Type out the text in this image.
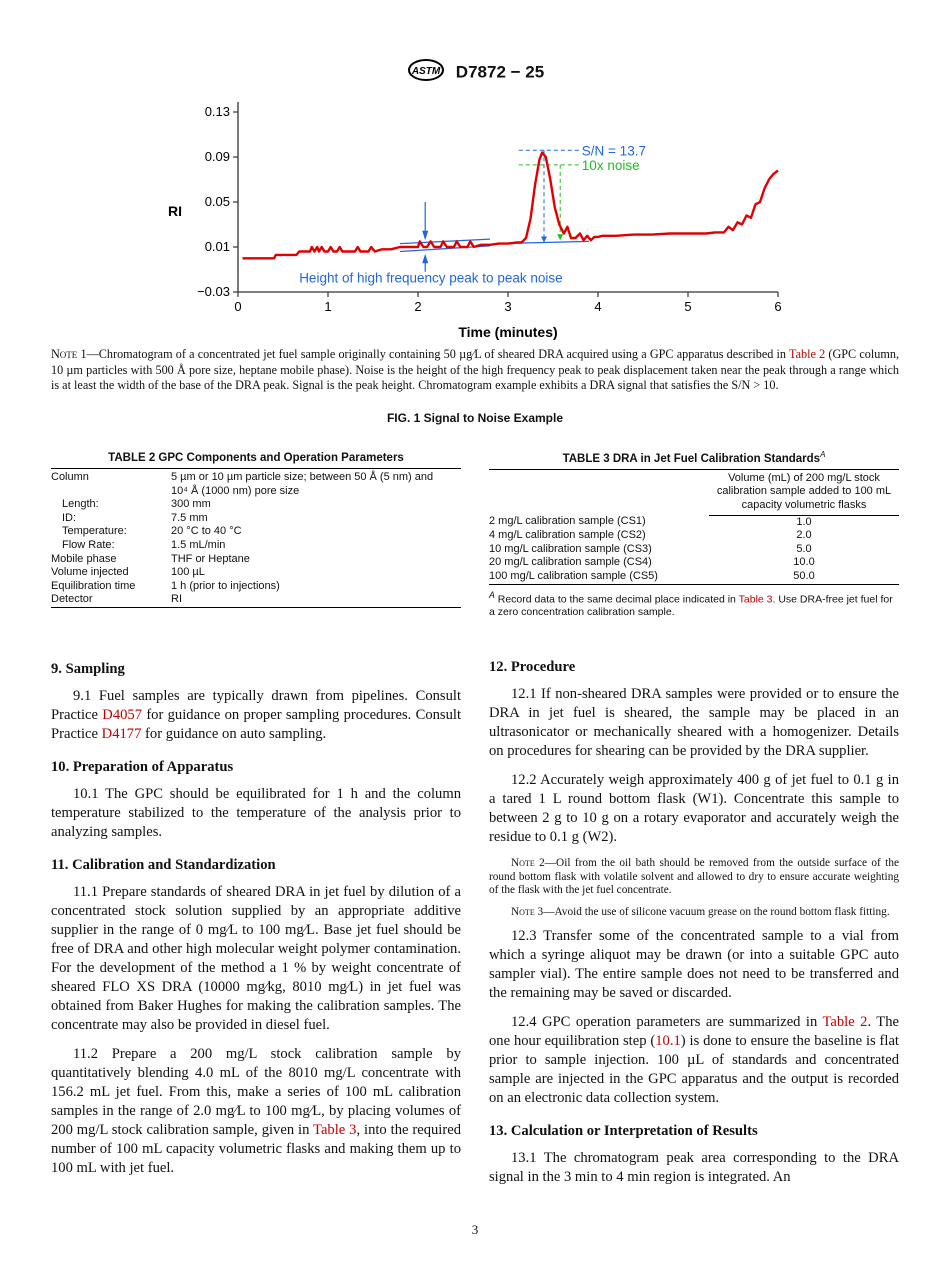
ASTM D7872 − 25
0	1	2	3	4	5	6
−0.03
0.01
0.05
0.09
0.13
Time (minutes)
RI
S/N = 13.7
10x noise
Height of high frequency peak to peak noise
Note 1—Chromatogram of a concentrated jet fuel sample originally containing 50 µg⁄L of sheared DRA acquired using a GPC apparatus described in Table 2 (GPC column, 10 µm particles with 500 Å pore size, heptane mobile phase). Noise is the height of the high frequency peak to peak displacement taken near the peak through a range which is at least the width of the base of the DRA peak. Signal is the peak height. Chromatogram example exhibits a DRA signal that satisfies the S/N > 10.
FIG. 1 Signal to Noise Example
TABLE 2 GPC Components and Operation Parameters
Column	5 µm or 10 µm particle size; between 50 Å (5 nm) and 10⁴ Å (1000 nm) pore size
Length:	300 mm
ID:	7.5 mm
Temperature:	20 °C to 40 °C
Flow Rate:	1.5 mL/min
Mobile phase	THF or Heptane
Volume injected	100 µL
Equilibration time	1 h (prior to injections)
Detector	RI
TABLE 3 DRA in Jet Fuel Calibration Standards$^A$
	Volume (mL) of 200 mg/L stock calibration sample added to 100 mL capacity volumetric flasks
2 mg/L calibration sample (CS1)	1.0
4 mg/L calibration sample (CS2)	2.0
10 mg/L calibration sample (CS3)	5.0
20 mg/L calibration sample (CS4)	10.0
100 mg/L calibration sample (CS5)	50.0
$^A$ Record data to the same decimal place indicated in Table 3. Use DRA-free jet fuel for a zero concentration calibration sample.
9. Sampling

9.1 Fuel samples are typically drawn from pipelines. Consult Practice D4057 for guidance on proper sampling procedures. Consult Practice D4177 for guidance on auto sampling.

10. Preparation of Apparatus

10.1 The GPC should be equilibrated for 1 h and the column temperature stabilized to the temperature of the analysis prior to analyzing samples.

11. Calibration and Standardization

11.1 Prepare standards of sheared DRA in jet fuel by dilution of a concentrated stock solution supplied by an appropriate additive supplier in the range of 0 mg⁄L to 100 mg⁄L. Base jet fuel should be free of DRA and other high molecular weight polymer contamination. For the development of the method a 1 % by weight concentrate of sheared FLO XS DRA (10000 mg⁄kg, 8010 mg⁄L) in jet fuel was obtained from Baker Hughes for making the calibration samples. The concentrate may also be provided in diesel fuel.

11.2 Prepare a 200 mg/L stock calibration sample by quantitatively blending 4.0 mL of the 8010 mg/L concentrate with 156.2 mL jet fuel. From this, make a series of 100 mL calibration samples in the range of 2.0 mg⁄L to 100 mg⁄L, by placing volumes of 200 mg/L stock calibration sample, given in Table 3, into the required number of 100 mL capacity volumetric flasks and making them up to 100 mL with jet fuel.

12. Procedure

12.1 If non-sheared DRA samples were provided or to ensure the DRA in jet fuel is sheared, the sample may be placed in an ultrasonicator or mechanically sheared with a homogenizer. Details on procedures for shearing can be provided by the DRA supplier.

12.2 Accurately weigh approximately 400 g of jet fuel to 0.1 g in a tared 1 L round bottom flask (W1). Concentrate this sample to between 2 g to 10 g on a rotary evaporator and accurately weigh the residue to 0.1 g (W2).

Note 2—Oil from the oil bath should be removed from the outside surface of the round bottom flask with volatile solvent and allowed to dry to ensure accurate weighting of the flask with the jet fuel concentrate.

Note 3—Avoid the use of silicone vacuum grease on the round bottom flask fitting.

12.3 Transfer some of the concentrated sample to a vial from which a syringe aliquot may be drawn (or into a suitable GPC auto sampler vial). The entire sample does not need to be transferred and the remaining may be saved or discarded.

12.4 GPC operation parameters are summarized in Table 2. The one hour equilibration step (10.1) is done to ensure the baseline is flat prior to sample injection. 100 µL of standards and concentrated sample are injected in the GPC apparatus and the output is recorded on an electronic data collection system.

13. Calculation or Interpretation of Results

13.1 The chromatogram peak area corresponding to the DRA signal in the 3 min to 4 min region is integrated. An

3
